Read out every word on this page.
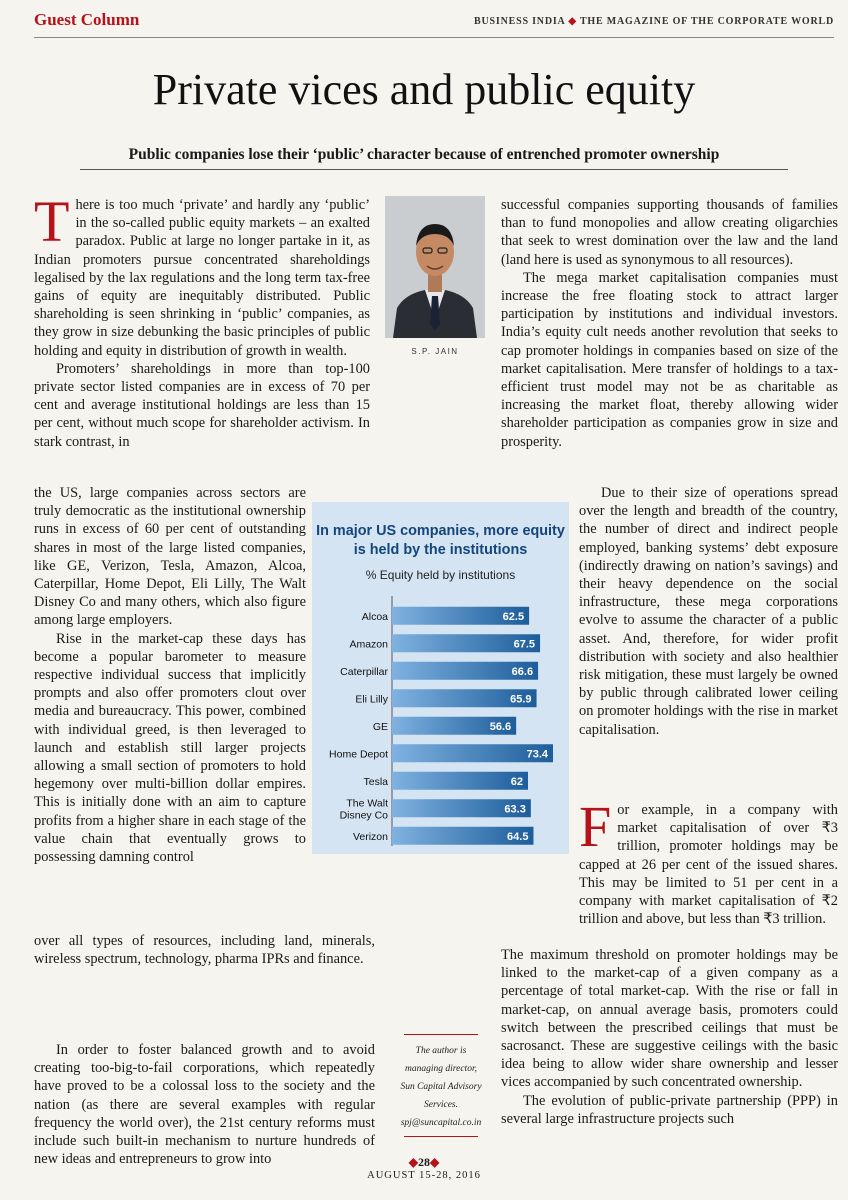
Guest Column	BUSINESS INDIA ◆ THE MAGAZINE OF THE CORPORATE WORLD
Private vices and public equity
Public companies lose their ‘public’ character because of entrenched promoter ownership
T here is too much ‘private’ and hardly any ‘public’ in the so-called public equity markets – an exalted paradox. Public at large no longer partake in it, as Indian promoters pursue concentrated shareholdings legalised by the lax regulations and the long term tax-free gains of equity are inequitably distributed. Public shareholding is seen shrinking in ‘public’ companies, as they grow in size debunking the basic principles of public holding and equity in distribution of growth in wealth.

Promoters’ shareholdings in more than top-100 private sector listed companies are in excess of 70 per cent and average institutional holdings are less than 15 per cent, without much scope for shareholder activism. In stark contrast, in

the US, large companies across sectors are truly democratic as the institutional ownership runs in excess of 60 per cent of outstanding shares in most of the large listed companies, like GE, Verizon, Tesla, Amazon, Alcoa, Caterpillar, Home Depot, Eli Lilly, The Walt Disney Co and many others, which also figure among large employers.

Rise in the market-cap these days has become a popular barometer to measure respective individual success that implicitly prompts and also offer promoters clout over media and bureaucracy. This power, combined with individual greed, is then leveraged to launch and establish still larger projects allowing a small section of promoters to hold hegemony over multi-billion dollar empires. This is initially done with an aim to capture profits from a higher share in each stage of the value chain that eventually grows to possessing damning control

over all types of resources, including land, minerals, wireless spectrum, technology, pharma IPRs and finance.

In order to foster balanced growth and to avoid creating too-big-to-fail corporations, which repeatedly have proved to be a colossal loss to the society and the nation (as there are several examples with regular frequency the world over), the 21st century reforms must include such built-in mechanism to nurture hundreds of new ideas and entrepreneurs to grow into

S.P. JAIN
In major US companies, more equity is held by the institutions
% Equity held by institutions
62.5
Alcoa
67.5
Amazon
66.6
Caterpillar
65.9
Eli Lilly
56.6
GE
73.4
Home Depot
62
Tesla
63.3
The Walt
Disney Co
64.5
Verizon

successful companies supporting thousands of families than to fund monopolies and allow creating oligarchies that seek to wrest domination over the law and the land (land here is used as synonymous to all resources).

The mega market capitalisation companies must increase the free floating stock to attract larger participation by institutions and individual investors. India’s equity cult needs another revolution that seeks to cap promoter holdings in companies based on size of the market capitalisation. Mere transfer of holdings to a tax-efficient trust model may not be as charitable as increasing the market float, thereby allowing wider shareholder participation as companies grow in size and prosperity.

Due to their size of operations spread over the length and breadth of the country, the number of direct and indirect people employed, banking systems’ debt exposure (indirectly drawing on nation’s savings) and their heavy dependence on the social infrastructure, these mega corporations evolve to assume the character of a public asset. And, therefore, for wider profit distribution with society and also healthier risk mitigation, these must largely be owned by public through calibrated lower ceiling on promoter holdings with the rise in market capitalisation.

F or example, in a company with market capitalisation of over ₹3 trillion, promoter holdings may be capped at 26 per cent of the issued shares. This may be limited to 51 per cent in a company with market capitalisation of ₹2 trillion and above, but less than ₹3 trillion.

The maximum threshold on promoter holdings may be linked to the market-cap of a given company as a percentage of total market-cap. With the rise or fall in market-cap, on annual average basis, promoters could switch between the prescribed ceilings that must be sacrosanct. These are suggestive ceilings with the basic idea being to allow wider share ownership and lesser vices accompanied by such concentrated ownership.

The evolution of public-private partnership (PPP) in several large infrastructure projects such

The author is
managing director,
Sun Capital Advisory
Services.
spj@suncapital.co.in
◆28◆
AUGUST 15-28, 2016
